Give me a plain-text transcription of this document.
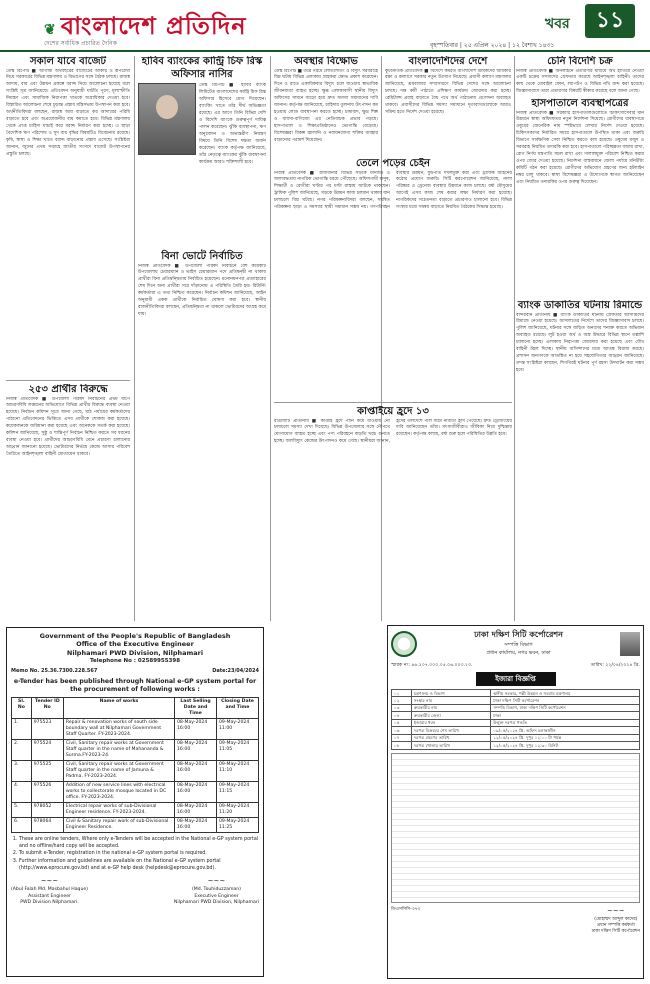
❦ বাংলাদেশ প্রতিদিন
দেশের সর্বাধিক প্রচারিত দৈনিক	বৃহস্পতিবার | ২৫ এপ্রিল ২০২৪ | ১২ বৈশাখ ১৪৩১
খবর	১১
সকাল যাবে বাজেট
ডেস্ক রিপোর্ট ■ আগামী অর্থবছরের বাজেটের আকার ও রূপরেখা নিয়ে সরকারের বিভিন্ন মন্ত্রণালয় ও বিভাগের সঙ্গে বৈঠক চলছে। রাজস্ব আদায়, ব্যয় এবং উন্নয়ন প্রকল্পে বরাদ্দ নিয়ে আলোচনা হয়েছে বলে সংশ্লিষ্ট সূত্র জানিয়েছে। প্রতিবেদন অনুযায়ী ঘাটতি পূরণ, মূল্যস্ফীতি নিয়ন্ত্রণ এবং সামাজিক নিরাপত্তা খাতকে অগ্রাধিকার দেওয়া হবে। বিস্তারিত আলোচনা শেষে চূড়ান্ত প্রস্তাব মন্ত্রিসভায় উপস্থাপন করা হবে। অর্থনীতিবিদরা বলছেন, রাজস্ব আয় বাড়াতে কর আদায়ের পরিধি বাড়াতে হবে এবং অপ্রয়োজনীয় ব্যয় কমাতে হবে। বিভিন্ন মন্ত্রণালয় থেকে প্রাপ্ত চাহিদা যাচাই করে বরাদ্দ নির্ধারণ করা হচ্ছে। এ ছাড়া বৈদেশিক ঋণ পরিশোধ ও সুদ ব্যয় বৃদ্ধির বিষয়টিও বিবেচনায় রয়েছে। কৃষি, স্বাস্থ্য ও শিক্ষা খাতে বরাদ্দ বাড়ানোর প্রস্তাব এসেছে। সংশ্লিষ্টরা জানান, জুনের প্রথম সপ্তাহে জাতীয় সংসদে বাজেট উপস্থাপনের প্রস্তুতি চলছে।
২৫৩ প্রার্থীর বিরুদ্ধে
নিজস্ব প্রতিবেদক ■ উপজেলা পরিষদ নির্বাচনের প্রথম ধাপে আচরণবিধি লঙ্ঘনের অভিযোগে বিভিন্ন প্রার্থীর বিরুদ্ধে ব্যবস্থা নেওয়া হয়েছে। নির্বাচন কমিশন সূত্রে জানা গেছে, মাঠ পর্যায়ের কর্মকর্তাদের পাঠানো প্রতিবেদনের ভিত্তিতে এসব প্রার্থীকে শোকজ করা হয়েছে। কয়েকজনকে জরিমানা করা হয়েছে এবং অনেককে সতর্ক করা হয়েছে। কমিশন জানিয়েছে, সুষ্ঠু ও শান্তিপূর্ণ নির্বাচন নিশ্চিত করতে সব ধরনের ব্যবস্থা নেওয়া হবে। প্রার্থীদের আচরণবিধি মেনে প্রচারণা চালানোর আহ্বান জানানো হয়েছে। ভোটারদের নির্ভয়ে কেন্দ্রে আসার পরিবেশ তৈরিতে আইনশৃঙ্খলা বাহিনী মোতায়েন থাকবে।
হাবিব ব্যাংকের কান্ট্রি চিফ রিস্ক অফিসার নাসির
ডেস্ক রিপোর্ট ■ হাবিব ব্যাংক লিমিটেড বাংলাদেশের কান্ট্রি চিফ রিস্ক অফিসার হিসেবে যোগ দিয়েছেন। ব্যাংকিং খাতে তাঁর দীর্ঘ অভিজ্ঞতা রয়েছে। এর আগে তিনি বিভিন্ন দেশি ও বিদেশি ব্যাংকে গুরুত্বপূর্ণ দায়িত্ব পালন করেছেন। ঝুঁকি ব্যবস্থাপনা, ঋণ অনুমোদন ও অভ্যন্তরীণ নিয়ন্ত্রণ বিষয়ে তিনি বিশেষ দক্ষতা অর্জন করেছেন। ব্যাংক কর্তৃপক্ষ জানিয়েছে, তাঁর নেতৃত্বে ব্যাংকের ঝুঁকি ব্যবস্থাপনা কার্যক্রম আরও শক্তিশালী হবে।
বিনা ভোটে নির্বাচিত
নিজস্ব প্রতিবেদক ■ উপজেলা পরিষদ নির্বাচনে বেশ কয়েকটি উপজেলায় চেয়ারম্যান ও ভাইস চেয়ারম্যান পদে প্রতিদ্বন্দ্বী না থাকায় প্রার্থীরা বিনা প্রতিদ্বন্দ্বিতায় নির্বাচিত হয়েছেন। মনোনয়নপত্র প্রত্যাহারের শেষ দিনে অন্য প্রার্থীরা সরে দাঁড়ানোয় এ পরিস্থিতি তৈরি হয়। রিটার্নিং কর্মকর্তারা এ তথ্য নিশ্চিত করেছেন। নির্বাচন কমিশন জানিয়েছে, আইন অনুযায়ী একক প্রার্থীকে নির্বাচিত ঘোষণা করা হবে। স্থানীয় রাজনীতিবিদরা বলছেন, প্রতিদ্বন্দ্বিতা না থাকলে ভোটারদের আগ্রহ কমে যায়।
অবস্থার বিক্ষোভ
ডেস্ক রিপোর্ট ■ তীব্র গরমে লোডশেডিং ও বিদ্যুৎ সরবরাহে বিঘ্ন ঘটায় বিভিন্ন এলাকায় গ্রাহকরা ক্ষোভ প্রকাশ করেছেন। দিনে ও রাতে একাধিকবার বিদ্যুৎ চলে যাওয়ায় স্বাভাবিক জীবনযাত্রা ব্যাহত হচ্ছে। ক্ষুব্ধ এলাকাবাসী স্থানীয় বিদ্যুৎ অফিসের সামনে জড়ো হয়ে দ্রুত সমস্যা সমাধানের দাবি জানান। কর্তৃপক্ষ জানিয়েছে, চাহিদার তুলনায় উৎপাদন কম হওয়ায় লোড ব্যবস্থাপনা করতে হচ্ছে। চাষাবাদ, ক্ষুদ্র শিল্প ও ব্যবসা-বাণিজ্যে এর নেতিবাচক প্রভাব পড়ছে। হাসপাতাল ও শিক্ষাপ্রতিষ্ঠানেও ভোগান্তি বেড়েছে। বিশেষজ্ঞরা বিকল্প জ্বালানি ও নবায়নযোগ্য শক্তির ব্যবহার বাড়ানোর পরামর্শ দিয়েছেন।
তেলে পড়ের চেইন
নিজস্ব প্রতিবেদক ■ রাজধানীর বিভিন্ন সড়কে যানজট ও জলাবদ্ধতায় নাগরিক ভোগান্তি চরমে পৌঁছেছে। অফিসগামী মানুষ, শিক্ষার্থী ও রোগীরা ঘণ্টার পর ঘণ্টা রাস্তায় আটকে থাকছেন। ট্রাফিক পুলিশ জানিয়েছে, সড়কে উন্নয়ন কাজ চলমান থাকায় যান চলাচলে বিঘ্ন ঘটছে। নগর পরিকল্পনাবিদরা বলছেন, সমন্বিত পরিকল্পনা ছাড়া এ সমস্যার স্থায়ী সমাধান সম্ভব নয়। গণপরিবহন ব্যবস্থার উন্নয়ন, ফুটপাত দখলমুক্ত করা এবং ট্রাফিক আইনের কঠোর প্রয়োগ জরুরি। সিটি করপোরেশন জানিয়েছে, নালা পরিষ্কার ও ড্রেনেজ ব্যবস্থার উন্নয়নে কাজ চলছে। বর্ষা মৌসুমের আগেই এসব কাজ শেষ করার লক্ষ্য নির্ধারণ করা হয়েছে। নাগরিকদের সচেতনতা বাড়াতে প্রচারণাও চালানো হবে। বিভিন্ন সংস্থার মধ্যে সমন্বয় বাড়াতে নিয়মিত বৈঠকের সিদ্ধান্ত হয়েছে।
কাপ্তাইয়ে হ্রদে ১৩
রাঙামাটি প্রতিনিধি ■ কাপ্তাই হ্রদে পানি কমে যাওয়ায় নৌ চলাচলে সমস্যা দেখা দিয়েছে। বিভিন্ন উপজেলার সঙ্গে নৌপথে যোগাযোগ ব্যাহত হচ্ছে এবং পণ্য পরিবহনে বাড়তি খরচ গুনতে হচ্ছে। জলবিদ্যুৎ কেন্দ্রের উৎপাদনও কমে গেছে। স্থানীয়রা জানান, হ্রদের তলদেশে পলি জমে নাব্যতা হ্রাস পেয়েছে। দ্রুত ড্রেজিংয়ের দাবি জানিয়েছেন তাঁরা। মৎস্যজীবীরাও জীবিকা নিয়ে দুশ্চিন্তায় রয়েছেন। কর্তৃপক্ষ বলছে, বর্ষা শুরু হলে পরিস্থিতির উন্নতি হবে।
বাংলাদেশিদের দেশে
কূটনৈতিক প্রতিবেদক ■ বিদেশে কর্মরত বাংলাদেশি শ্রমিকদের অধিকার রক্ষা ও কল্যাণে সরকার নতুন উদ্যোগ নিয়েছে। প্রবাসী কল্যাণ মন্ত্রণালয় জানিয়েছে, শ্রমবাজার সম্প্রসারণে বিভিন্ন দেশের সঙ্গে আলোচনা চলছে। দক্ষ কর্মী পাঠাতে প্রশিক্ষণ কার্যক্রম জোরদার করা হচ্ছে। রেমিট্যান্স প্রবাহ বাড়াতে বৈধ পথে অর্থ পাঠানোয় প্রণোদনা অব্যাহত থাকবে। প্রবাসীদের বিভিন্ন সমস্যা সমাধানে দূতাবাসগুলোকে আরও সক্রিয় হতে নির্দেশ দেওয়া হয়েছে।
চেনি বিদেশি চক্র
নিজস্ব প্রতিবেদক ■ অনলাইনে প্রতারণার মাধ্যমে অর্থ হাতিয়ে নেওয়া একটি চক্রের সদস্যদের গ্রেফতার করেছে আইনশৃঙ্খলা বাহিনী। তাদের কাছ থেকে মোবাইল ফোন, ল্যাপটপ ও বিভিন্ন নথি জব্দ করা হয়েছে। জিজ্ঞাসাবাদে তারা প্রতারণার বিষয়টি স্বীকার করেছে বলে জানা গেছে।
হাসপাতালে ব্যবস্থাপত্রের
নিজস্ব প্রতিবেদক ■ সরকারি হাসপাতালগুলোতে চিকিৎসাসেবার মান উন্নয়নে স্বাস্থ্য অধিদফতর নতুন নির্দেশনা দিয়েছে। রোগীদের ব্যবস্থাপত্রে ওষুধের জেনেরিক নাম স্পষ্টভাবে লেখার নির্দেশ দেওয়া হয়েছে। চিকিৎসকদের নির্ধারিত সময়ে হাসপাতালে উপস্থিত থাকা এবং জরুরি বিভাগে সার্বক্ষণিক সেবা নিশ্চিত করতে বলা হয়েছে। ওষুধের মজুদ ও সরবরাহ নিয়মিত তদারকি করা হবে। হাসপাতালে পরিচ্ছন্নতা বজায় রাখা, রোগ নির্ণয় যন্ত্রপাতি সচল রাখা এবং দালালমুক্ত পরিবেশ নিশ্চিত করার ওপর জোর দেওয়া হয়েছে। নির্দেশনা বাস্তবায়নে জেলা পর্যায়ে মনিটরিং কমিটি গঠন করা হয়েছে। রোগীদের অভিযোগ গ্রহণের জন্য হটলাইন নম্বর চালু থাকবে। স্বাস্থ্য বিশেষজ্ঞরা এ উদ্যোগকে স্বাগত জানিয়েছেন এবং নিয়মিত তদারকির ওপর গুরুত্ব দিয়েছেন।
ব্যাংক ডাকাতির ঘটনায় রিমান্ডে
বান্দরবান প্রতিনিধি ■ ব্যাংক ডাকাতির ঘটনায় গ্রেফতার আসামিদের রিমান্ডে নেওয়া হয়েছে। আদালতের নির্দেশে তাদের জিজ্ঞাসাবাদ চলছে। পুলিশ জানিয়েছে, ঘটনার সঙ্গে জড়িত অন্যদের শনাক্ত করতে অভিযান অব্যাহত রয়েছে। লুট হওয়া অর্থ ও অস্ত্র উদ্ধারে বিভিন্ন স্থানে তল্লাশি চালানো হচ্ছে। এলাকায় নিরাপত্তা জোরদার করা হয়েছে এবং যৌথ বাহিনী টহল দিচ্ছে। স্থানীয় বাসিন্দাদের মধ্যে আতঙ্ক বিরাজ করছে। প্রশাসন জনগণকে আতঙ্কিত না হয়ে সহযোগিতার আহ্বান জানিয়েছে। তদন্ত সংশ্লিষ্টরা বলছেন, শিগগিরই ঘটনার পূর্ণ রহস্য উদঘাটন করা সম্ভব হবে।
Government of the People's Republic of Bangladesh
Office of the Executive Engineer
Nilphamari PWD Division, Nilphamari
Telephone No : 02589955398
Memo No. 25.36.7300.228.567	Date:23/04/2024
e-Tender has been published through National e-GP system portal for the procurement of following works :
Sl. No	Tender ID No	Name of works	Last Selling Date and Time	Closing Date and Time
1.	975523	Repair & renovation works of south side boundary wall at Nilphamari Government Staff Quarter. FY-2023-2024.	08-May-2024 16:00	09-May-2024 11:00
2.	975524	Civil, Sanitary repair works at Government Staff quarter in the name of Mahananda & Surma.FY-2023-24.	08-May-2024 16:00	09-May-2024 11:05
3.	975525	Civil, Sanitary repair works at Government Staff quarter in the name of Jamuna & Padma. FY-2023-2024.	08-May-2024 16:00	09-May-2024 11:10
4.	975526	Addition of new service lines with electrical works to collectorate mosque located in DC office. FY-2023-2024.	08-May-2024 16:00	09-May-2024 11:15
5.	978052	Electrical repair works of sub-Divisional Engineer residence. FY-2023-2024.	08-May-2024 16:00	09-May-2024 11:20
6.	978064	Civil & Sanitary repair work of sub-Divisional Engineer Residence.	08-May-2024 16:00	09-May-2024 11:25
1. These are online tenders, Where only e-Tenders will be accepted in the National e-GP system portal and no offline/hard copy will be accepted.
2. To submit e-Tender, registration in the national e-GP system portal is required.
3. Further information and guidelines are available on the National e-GP system portal (http://www.eprocure.gov.bd) and at e-GP help desk (helpdesk@eprocure.gov.bd).
~~~
(Abul Falah Md. Masbahul Haque)
Assistant Engineer
PWD Division Nilphamari.
~~~
(Md. Touhiduzzaman)
Executive Engineer
Nilphamari PWD Division, Nilphamari
ঢাকা দক্ষিণ সিটি কর্পোরেশন
সম্পত্তি বিভাগ
প্রধান কার্যালয়, নগর ভবন, ঢাকা
স্মারক নং: ৪৬.২০৭.০০০.০৫.০৬.০০৩.২৩.	তারিখ: ২২/০৪/২০২৪ খ্রি.
ইজারা বিজ্ঞপ্তি
০১	মন্ত্রণালয় ও বিভাগ	স্থানীয় সরকার, পল্লী উন্নয়ন ও সমবায় মন্ত্রণালয়
০২	সংস্থার নাম	ঢাকা দক্ষিণ সিটি কর্পোরেশন
০৩	ক্রয়কারীর নাম	সম্পত্তি বিভাগ, ঢাকা দক্ষিণ সিটি কর্পোরেশন
০৪	ক্রয়কারীর জেলা	ঢাকা
০৫	ইজারার ধরন	উন্মুক্ত দরপত্র পদ্ধতি
০৬	দরপত্র বিক্রয়ের শেষ তারিখ	০৯/০৫/২০২৪ খ্রি. অফিস চলাকালীন
০৭	দরপত্র গ্রহণের তারিখ	১২/০৫/২০২৪ খ্রি. দুপুর ১২:০০ টা পর্যন্ত
০৮	দরপত্র খোলার তারিখ	১২/০৫/২০২৪ খ্রি. দুপুর ১২:৩০ মিনিট
ডিএসসিসি-৩৭৩	~~~
(মোহাম্মদ আব্দুল কাদের)
প্রধান সম্পত্তি কর্মকর্তা
ঢাকা দক্ষিণ সিটি কর্পোরেশন
